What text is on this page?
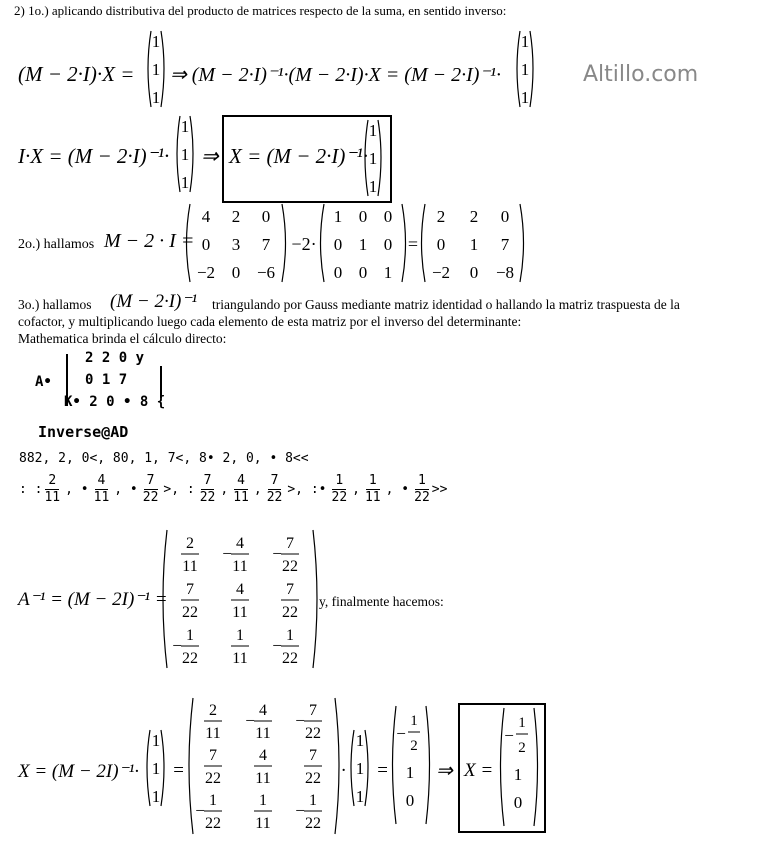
2) 1o.) aplicando distributiva del producto de matrices respecto de la suma, en sentido inverso:
Altillo.com
(M − 2·I)·X =
1
1
1
⇒ (M − 2·I)⁻¹·(M − 2·I)·X = (M − 2·I)⁻¹·
1
1
1
I·X = (M − 2·I)⁻¹·
1
1
1
⇒ X = (M − 2·I)⁻¹·
1
1
1
2o.) hallamos M − 2 · I =
4 2 0
0 3 7
−2 0 −6
−2·
1 0 0
0 1 0
0 0 1
=
2 2 0
0 1 7
−2 0 −8
3o.) hallamos (M − 2·I)⁻¹ triangulando por Gauss mediante matriz identidad o hallando la matriz traspuesta de la
cofactor, y multiplicando luego cada elemento de esta matriz por el inverso del determinante:
Mathematica brinda el cálculo directo:
A•
2 2 0 y
0 1 7
K• 2 0 • 8 {
Inverse@AD
882, 2, 0<, 80, 1, 7<, 8• 2, 0, • 8<<
: : $\frac{2}{11}$ , • $\frac{4}{11}$ , • $\frac{7}{22}$ >, : $\frac{7}{22}$ , $\frac{4}{11}$ , $\frac{7}{22}$ >, :• $\frac{1}{22}$ , $\frac{1}{11}$ , • $\frac{1}{22}$ >>
A⁻¹ = (M − 2I)⁻¹ =
2
11
−
4
11
−
7
22
7
22
4
11
7
22
−
1
22
1
11
−
1
22
y, finalmente hacemos:
X = (M − 2I)⁻¹·
1
1
1
=
2
11
−
4
11
−
7
22
7
22
4
11
7
22
−
1
22
1
11
−
1
22
·
1
1
1
=
−
1
2
1
0
⇒ X =
−
1
2
1
0
